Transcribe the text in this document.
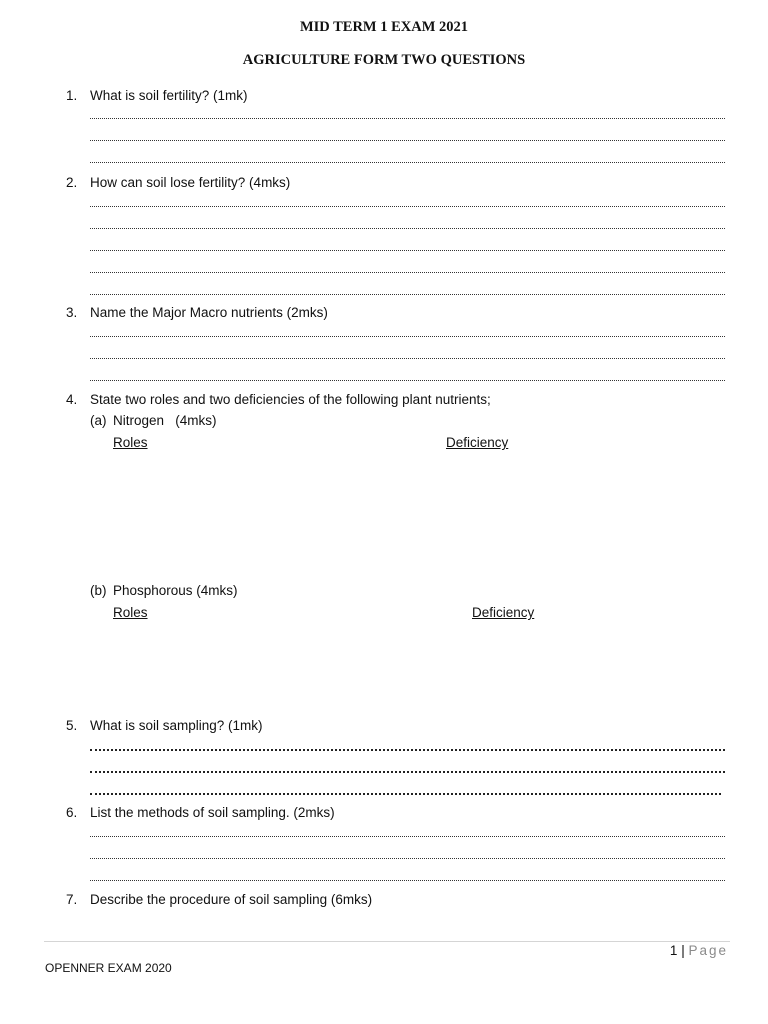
MID TERM 1 EXAM 2021
AGRICULTURE FORM TWO QUESTIONS
1. What is soil fertility? (1mk)
2. How can soil lose fertility? (4mks)
3. Name the Major Macro nutrients (2mks)
4. State two roles and two deficiencies of the following plant nutrients;
(a) Nitrogen   (4mks)
Roles	Deficiency
(b) Phosphorous (4mks)
Roles	Deficiency
5. What is soil sampling? (1mk)
6. List the methods of soil sampling. (2mks)
7. Describe the procedure of soil sampling (6mks)
1 | Page
OPENNER EXAM 2020
